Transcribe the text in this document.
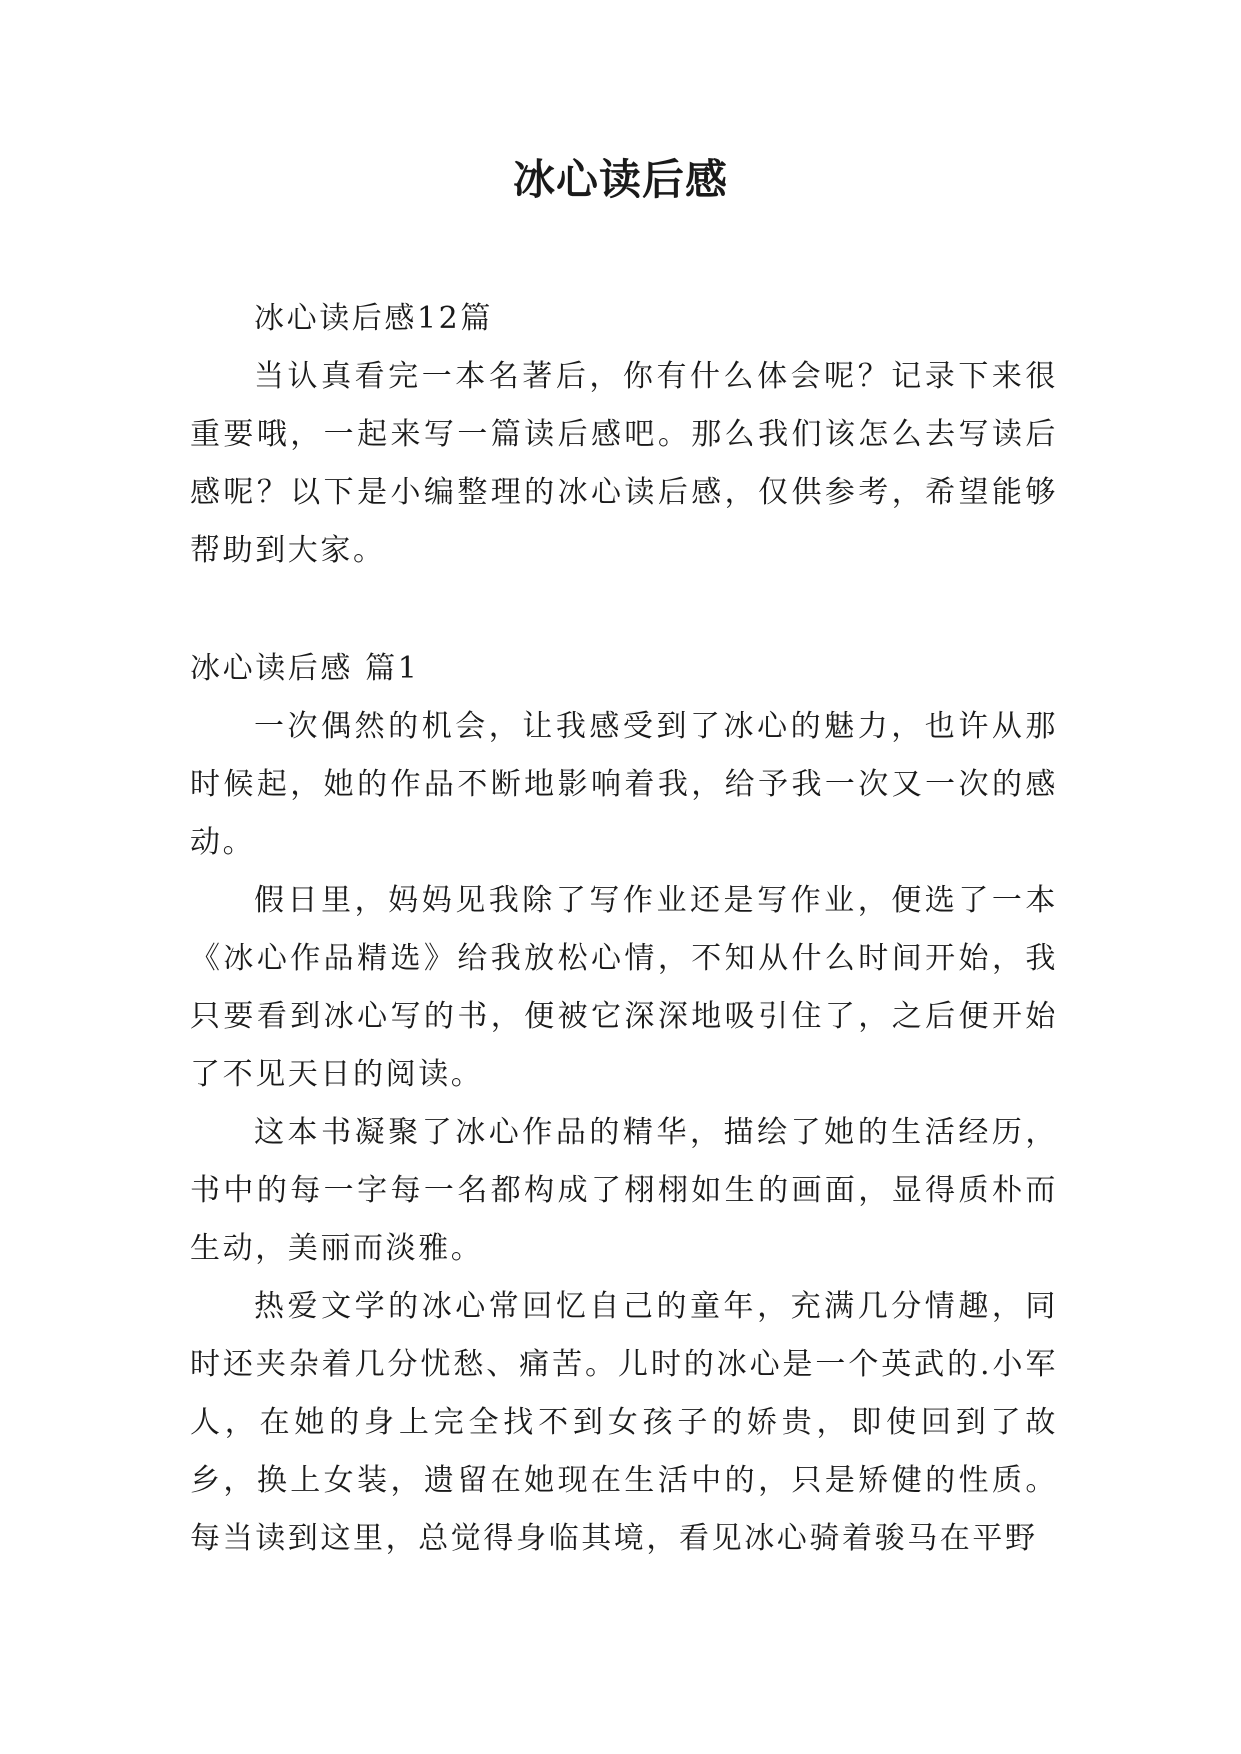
冰心读后感

冰心读后感12篇

当认真看完一本名著后，你有什么体会呢？记录下来很重要哦，一起来写一篇读后感吧。那么我们该怎么去写读后感呢？以下是小编整理的冰心读后感，仅供参考，希望能够帮助到大家。

冰心读后感 篇1

一次偶然的机会，让我感受到了冰心的魅力，也许从那时候起，她的作品不断地影响着我，给予我一次又一次的感动。

假日里，妈妈见我除了写作业还是写作业，便选了一本《冰心作品精选》给我放松心情，不知从什么时间开始，我只要看到冰心写的书，便被它深深地吸引住了，之后便开始了不见天日的阅读。

这本书凝聚了冰心作品的精华，描绘了她的生活经历，书中的每一字每一名都构成了栩栩如生的画面，显得质朴而生动，美丽而淡雅。

热爱文学的冰心常回忆自己的童年，充满几分情趣，同时还夹杂着几分忧愁、痛苦。儿时的冰心是一个英武的.小军人，在她的身上完全找不到女孩子的娇贵，即使回到了故乡，换上女装，遗留在她现在生活中的，只是矫健的性质。每当读到这里，总觉得身临其境，看见冰心骑着骏马在平野
